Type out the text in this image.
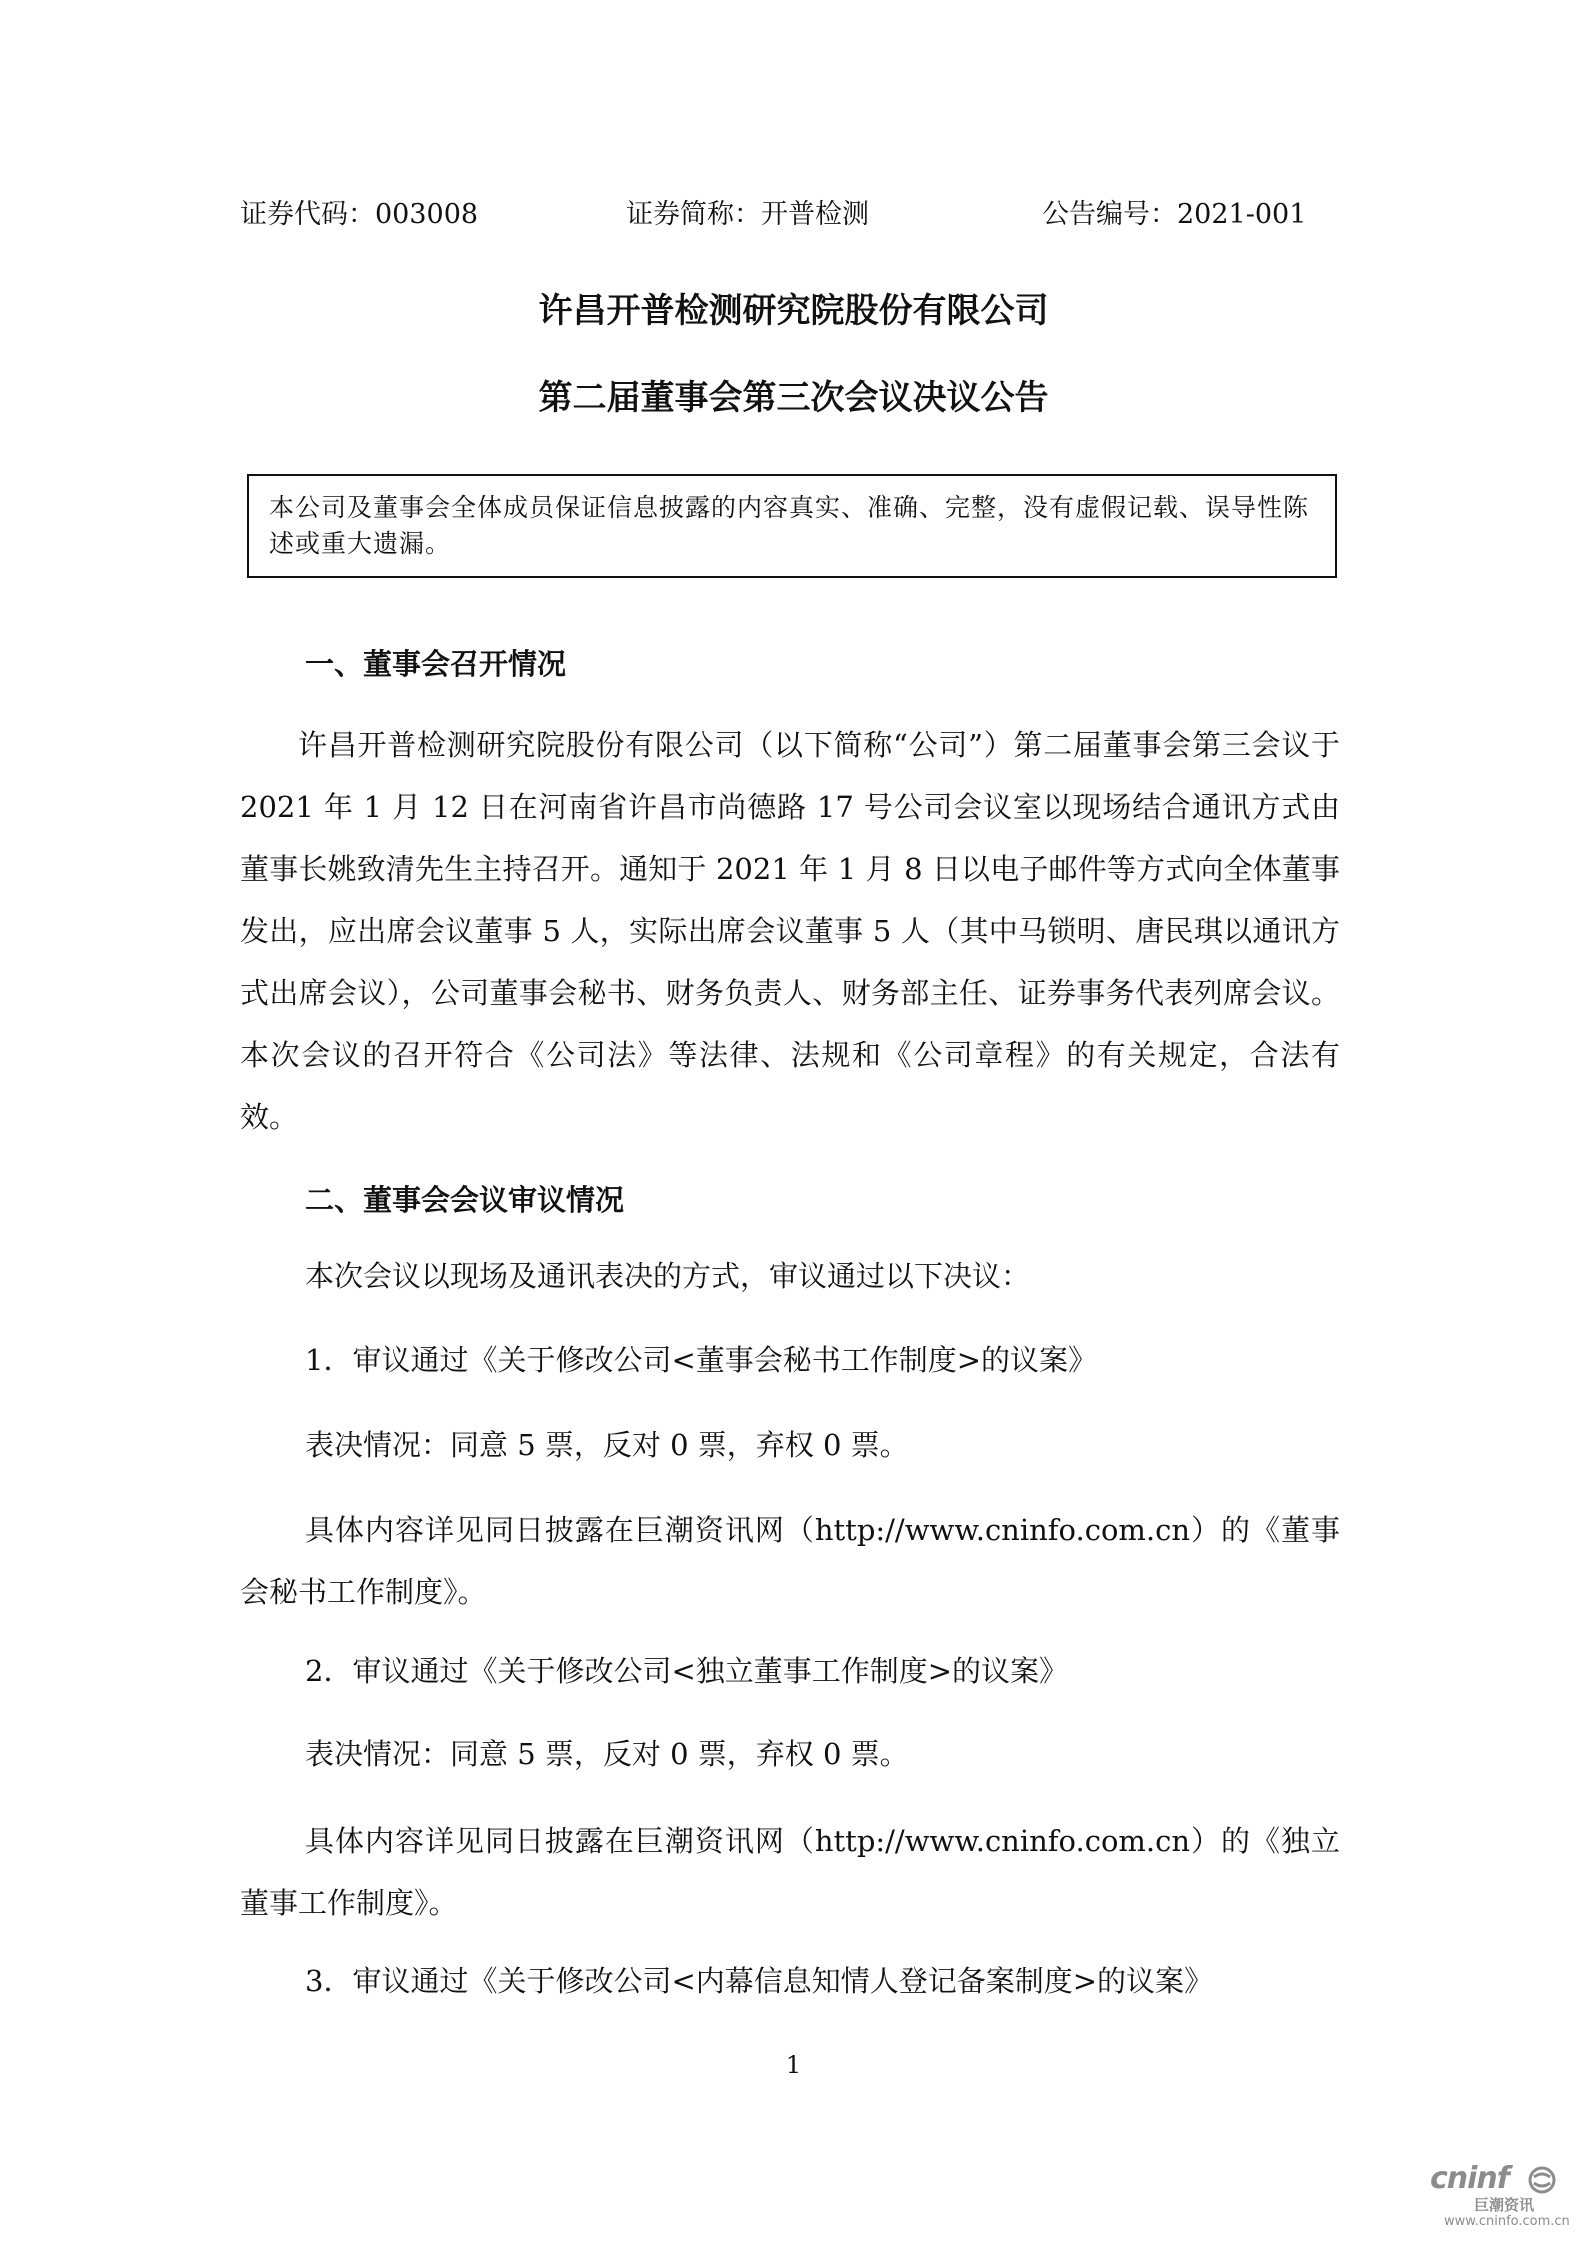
证券代码：003008	证券简称：开普检测	公告编号：2021-001
许昌开普检测研究院股份有限公司
第二届董事会第三次会议决议公告
本公司及董事会全体成员保证信息披露的内容真实、准确、完整，没有虚假记载、误导性陈述或重大遗漏。
一、董事会召开情况
许昌开普检测研究院股份有限公司（以下简称“公司”）第二届董事会第三会议于 2021 年 1 月 12 日在河南省许昌市尚德路 17 号公司会议室以现场结合通讯方式由董事长姚致清先生主持召开。通知于 2021 年 1 月 8 日以电子邮件等方式向全体董事发出，应出席会议董事 5 人，实际出席会议董事 5 人（其中马锁明、唐民琪以通讯方式出席会议），公司董事会秘书、财务负责人、财务部主任、证券事务代表列席会议。本次会议的召开符合《公司法》等法律、法规和《公司章程》的有关规定，合法有效。
二、董事会会议审议情况
本次会议以现场及通讯表决的方式，审议通过以下决议：
1．审议通过《关于修改公司<董事会秘书工作制度>的议案》
表决情况：同意 5 票，反对 0 票，弃权 0 票。
具体内容详见同日披露在巨潮资讯网（http://www.cninfo.com.cn）的《董事会秘书工作制度》。
2．审议通过《关于修改公司<独立董事工作制度>的议案》
表决情况：同意 5 票，反对 0 票，弃权 0 票。
具体内容详见同日披露在巨潮资讯网（http://www.cninfo.com.cn）的《独立董事工作制度》。
3．审议通过《关于修改公司<内幕信息知情人登记备案制度>的议案》
1
cninf
巨潮资讯
www.cninfo.com.cn
